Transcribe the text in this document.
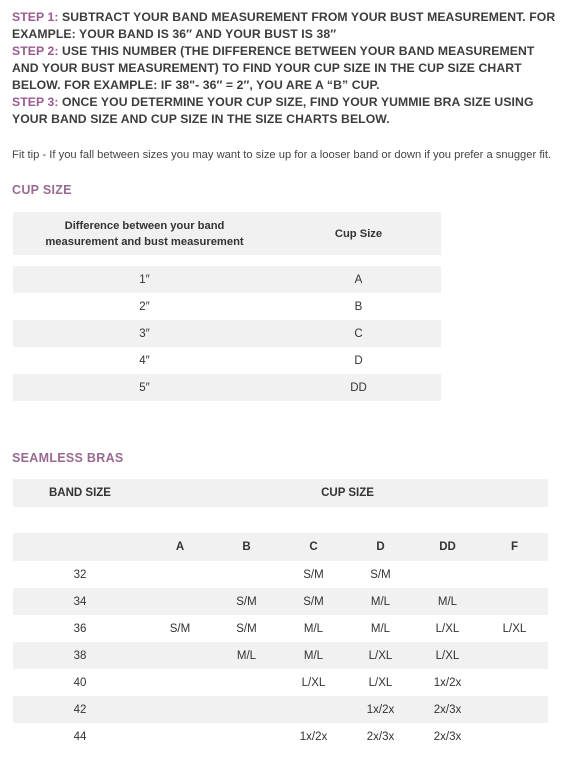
STEP 1: SUBTRACT YOUR BAND MEASUREMENT FROM YOUR BUST MEASUREMENT. FOR EXAMPLE: YOUR BAND IS 36″ AND YOUR BUST IS 38″
STEP 2: USE THIS NUMBER (THE DIFFERENCE BETWEEN YOUR BAND MEASUREMENT AND YOUR BUST MEASUREMENT) TO FIND YOUR CUP SIZE IN THE CUP SIZE CHART BELOW. FOR EXAMPLE: IF 38"- 36″ = 2″, YOU ARE A “B” CUP.
STEP 3: ONCE YOU DETERMINE YOUR CUP SIZE, FIND YOUR YUMMIE BRA SIZE USING YOUR BAND SIZE AND CUP SIZE IN THE SIZE CHARTS BELOW.
Fit tip - If you fall between sizes you may want to size up for a looser band or down if you prefer a snugger fit.
CUP SIZE
Difference between your band measurement and bust measurement	Cup Size

1″	A
2″	B
3″	C
4″	D
5″	DD
SEAMLESS BRAS
BAND SIZE	CUP SIZE					

	A	B	C	D	DD	F
32			S/M	S/M		
34		S/M	S/M	M/L	M/L	
36	S/M	S/M	M/L	M/L	L/XL	L/XL
38		M/L	M/L	L/XL	L/XL	
40			L/XL	L/XL	1x/2x	
42				1x/2x	2x/3x	
44			1x/2x	2x/3x	2x/3x	
